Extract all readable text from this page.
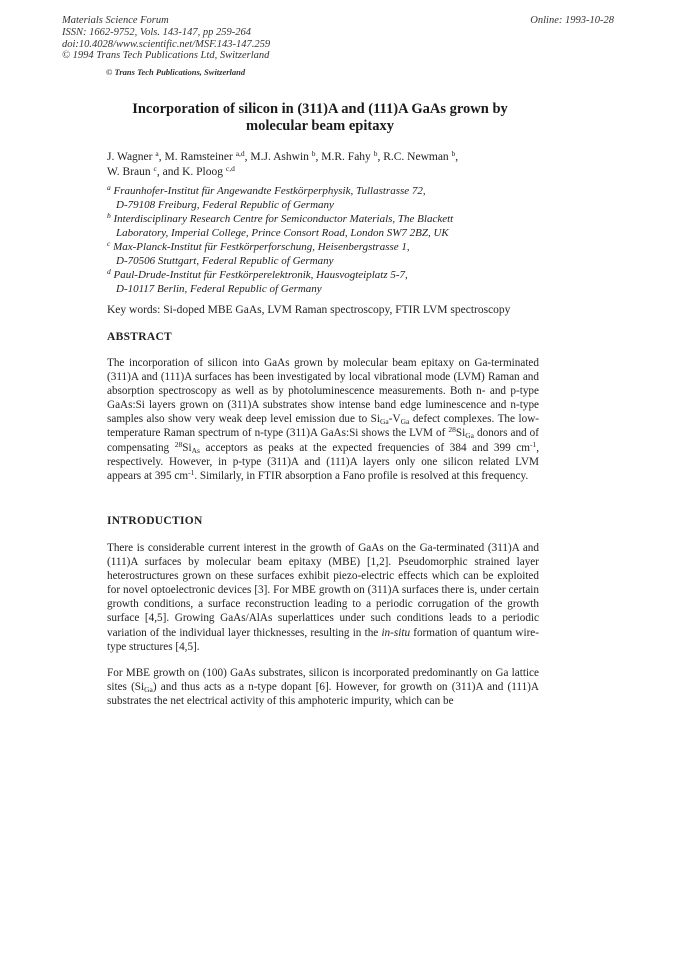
Materials Science Forum
ISSN: 1662-9752, Vols. 143-147, pp 259-264
doi:10.4028/www.scientific.net/MSF.143-147.259
© 1994 Trans Tech Publications Ltd, Switzerland
Online: 1993-10-28
© Trans Tech Publications, Switzerland
Incorporation of silicon in (311)A and (111)A GaAs grown by
molecular beam epitaxy
J. Wagner $^a$, M. Ramsteiner $^{a,d}$, M.J. Ashwin $^b$, M.R. Fahy $^b$, R.C. Newman $^b$,
W. Braun $^c$, and K. Ploog $^{c,d}$
$^a$ Fraunhofer-Institut für Angewandte Festkörperphysik, Tullastrasse 72,
D-79108 Freiburg, Federal Republic of Germany
$^b$ Interdisciplinary Research Centre for Semiconductor Materials, The Blackett
Laboratory, Imperial College, Prince Consort Road, London SW7 2BZ, UK
$^c$ Max-Planck-Institut für Festkörperforschung, Heisenbergstrasse 1,
D-70506 Stuttgart, Federal Republic of Germany
$^d$ Paul-Drude-Institut für Festkörperelektronik, Hausvogteiplatz 5-7,
D-10117 Berlin, Federal Republic of Germany
Key words: Si-doped MBE GaAs, LVM Raman spectroscopy, FTIR LVM spectroscopy
ABSTRACT
The incorporation of silicon into GaAs grown by molecular beam epitaxy on Ga-terminated (311)A and (111)A surfaces has been investigated by local vibrational mode (LVM) Raman and absorption spectroscopy as well as by photoluminescence measurements. Both n- and p-type GaAs:Si layers grown on (311)A substrates show intense band edge luminescence and n-type samples also show very weak deep level emission due to $Si_{Ga}-V_{Ga}$ defect complexes. The low-temperature Raman spectrum of n-type (311)A GaAs:Si shows the LVM of $^{28}Si_{Ga}$ donors and of compensating $^{28}Si_{As}$ acceptors as peaks at the expected frequencies of 384 and 399 $cm^{-1}$, respectively. However, in p-type (311)A and (111)A layers only one silicon related LVM appears at 395 $cm^{-1}$. Similarly, in FTIR absorption a Fano profile is resolved at this frequency.
INTRODUCTION
There is considerable current interest in the growth of GaAs on the Ga-terminated (311)A and (111)A surfaces by molecular beam epitaxy (MBE) [1,2]. Pseudomorphic strained layer heterostructures grown on these surfaces exhibit piezo-electric effects which can be exploited for novel optoelectronic devices [3]. For MBE growth on (311)A surfaces there is, under certain growth conditions, a surface reconstruction leading to a periodic corrugation of the growth surface [4,5]. Growing GaAs/AlAs superlattices under such conditions leads to a periodic variation of the individual layer thicknesses, resulting in the in-situ formation of quantum wire-type structures [4,5].
For MBE growth on (100) GaAs substrates, silicon is incorporated predominantly on Ga lattice sites $(Si_{Ga})$ and thus acts as a n-type dopant [6]. However, for growth on (311)A and (111)A substrates the net electrical activity of this amphoteric impurity, which can be
